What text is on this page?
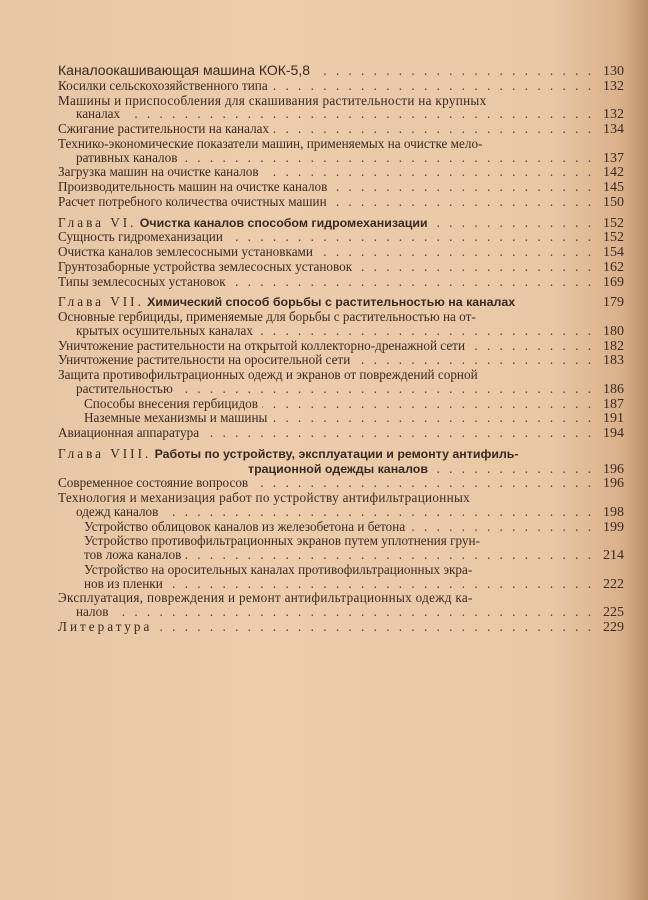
Каналоокашивающая машина КОК-5,8 . . .	130
Косилки сельскохозяйственного типа . . .	132
Машины и приспособления для скашивания растительности на крупных
каналах . . .	132
Сжигание растительности на каналах . . .	134
Технико-экономические показатели машин, применяемых на очистке мело-
ративных каналов . . .	137
Загрузка машин на очистке каналов . . .	142
Производительность машин на очистке каналов . . .	145
Расчет потребного количества очистных машин . . .	150
Глава VI. Очистка каналов способом гидромеханизации . . .	152
Сущность гидромеханизации . . .	152
Очистка каналов землесосными установками . . .	154
Грунтозаборные устройства землесосных установок . . .	162
Типы землесосных установок . . .	169
Глава VII. Химический способ борьбы с растительностью на каналах	179
Основные гербициды, применяемые для борьбы с растительностью на от-
крытых осушительных каналах . . .	180
Уничтожение растительности на открытой коллекторно-дренажной сети . . .	182
Уничтожение растительности на оросительной сети . . .	183
Защита противофильтрационных одежд и экранов от повреждений сорной
растительностью . . .	186
Способы внесения гербицидов . . .	187
Наземные механизмы и машины . . .	191
Авиационная аппаратура . . .	194
Глава VIII. Работы по устройству, эксплуатации и ремонту антифиль-
трационной одежды каналов . . .	196
Современное состояние вопросов . . .	196
Технология и механизация работ по устройству антифильтрационных
одежд каналов . . .	198
Устройство облицовок каналов из железобетона и бетона . . .	199
Устройство противофильтрационных экранов путем уплотнения грун-
тов ложа каналов . . .	214
Устройство на оросительных каналах противофильтрационных экра-
нов из пленки . . .	222
Эксплуатация, повреждения и ремонт антифильтрационных одежд ка-
налов . . .	225
Литература . . .	229
